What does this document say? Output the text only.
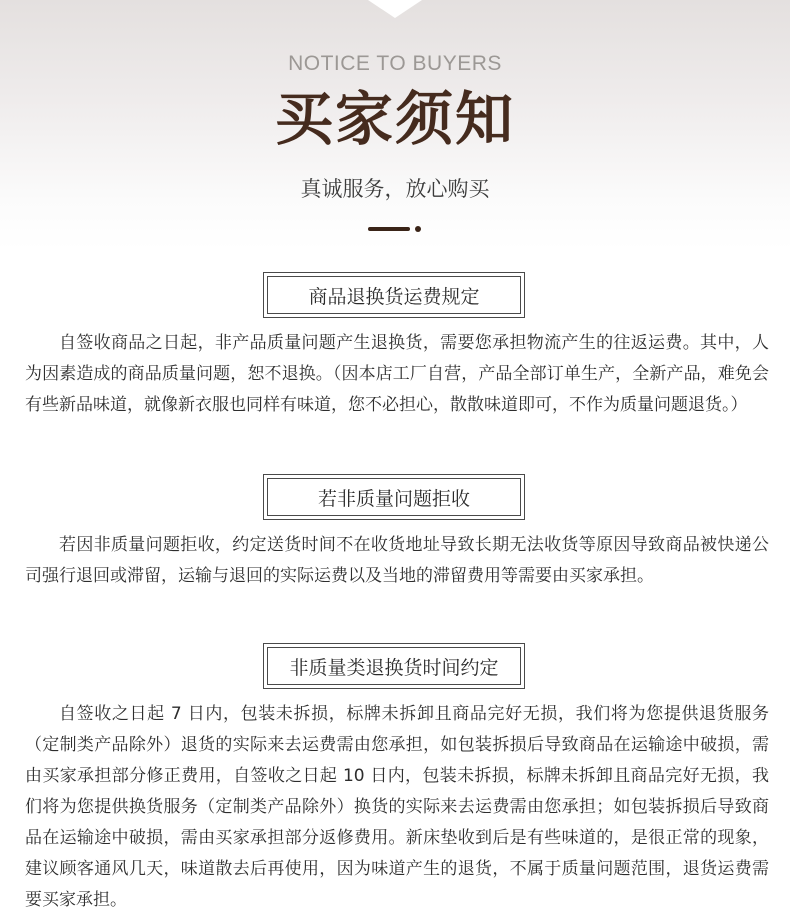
NOTICE TO BUYERS
买家须知
真诚服务，放心购买
商品退换货运费规定

自签收商品之日起，非产品质量问题产生退换货，需要您承担物流产生的往返运费。其中，人为因素造成的商品质量问题，恕不退换。（因本店工厂自营，产品全部订单生产，全新产品，难免会有些新品味道，就像新衣服也同样有味道，您不必担心，散散味道即可，不作为质量问题退货。）

若非质量问题拒收

若因非质量问题拒收，约定送货时间不在收货地址导致长期无法收货等原因导致商品被快递公司强行退回或滞留，运输与退回的实际运费以及当地的滞留费用等需要由买家承担。

非质量类退换货时间约定

自签收之日起 7 日内，包装未拆损，标牌未拆卸且商品完好无损，我们将为您提供退货服务（定制类产品除外）退货的实际来去运费需由您承担，如包装拆损后导致商品在运输途中破损，需由买家承担部分修正费用，自签收之日起 10 日内，包装未拆损，标牌未拆卸且商品完好无损，我们将为您提供换货服务（定制类产品除外）换货的实际来去运费需由您承担；如包装拆损后导致商品在运输途中破损，需由买家承担部分返修费用。新床垫收到后是有些味道的，是很正常的现象，建议顾客通风几天，味道散去后再使用，因为味道产生的退货，不属于质量问题范围，退货运费需要买家承担。
